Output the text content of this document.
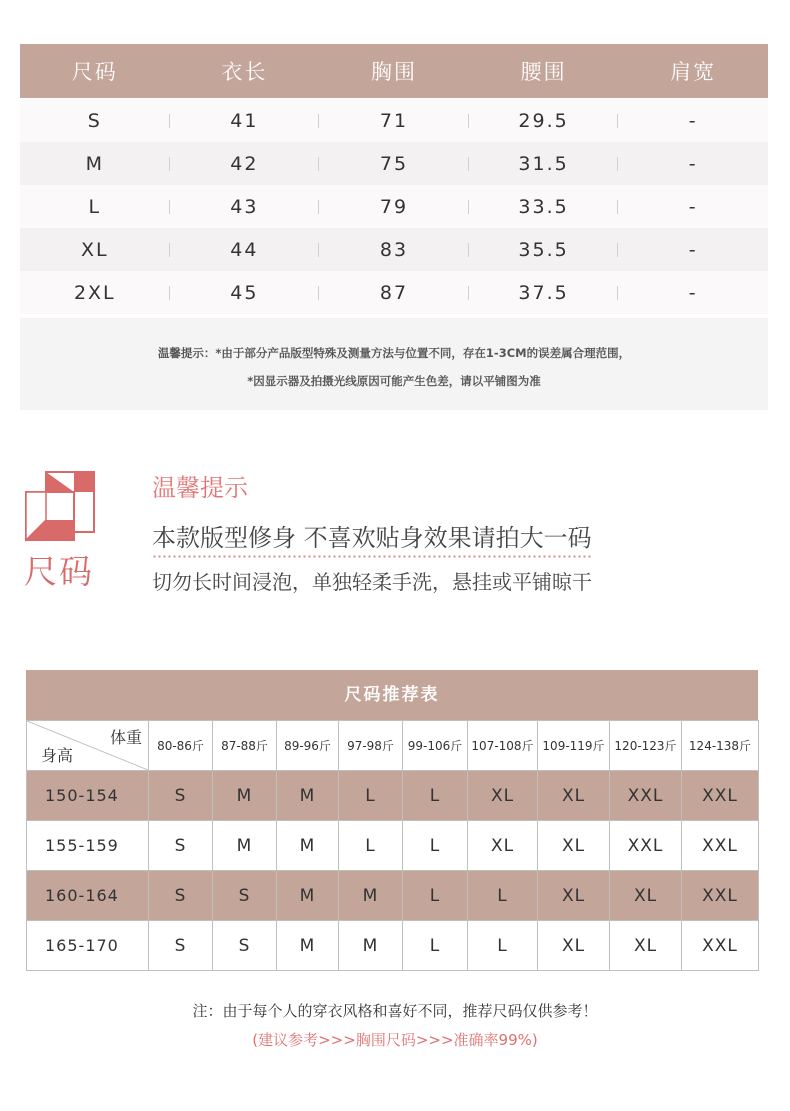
尺码	衣长	胸围	腰围	肩宽
S	41	71	29.5	-
M	42	75	31.5	-
L	43	79	33.5	-
XL	44	83	35.5	-
2XL	45	87	37.5	-
温馨提示：*由于部分产品版型特殊及测量方法与位置不同，存在1-3CM的误差属合理范围，
*因显示器及拍摄光线原因可能产生色差，请以平铺图为准
尺码
温馨提示
本款版型修身 不喜欢贴身效果请拍大一码
切勿长时间浸泡，单独轻柔手洗，悬挂或平铺晾干
尺码推荐表
体重
身高	80-86斤	87-88斤	89-96斤	97-98斤	99-106斤	107-108斤	109-119斤	120-123斤	124-138斤
150-154	S	M	M	L	L	XL	XL	XXL	XXL
155-159	S	M	M	L	L	XL	XL	XXL	XXL
160-164	S	S	M	M	L	L	XL	XL	XXL
165-170	S	S	M	M	L	L	XL	XL	XXL
注：由于每个人的穿衣风格和喜好不同，推荐尺码仅供参考！
(建议参考>>>胸围尺码>>>准确率99%)
